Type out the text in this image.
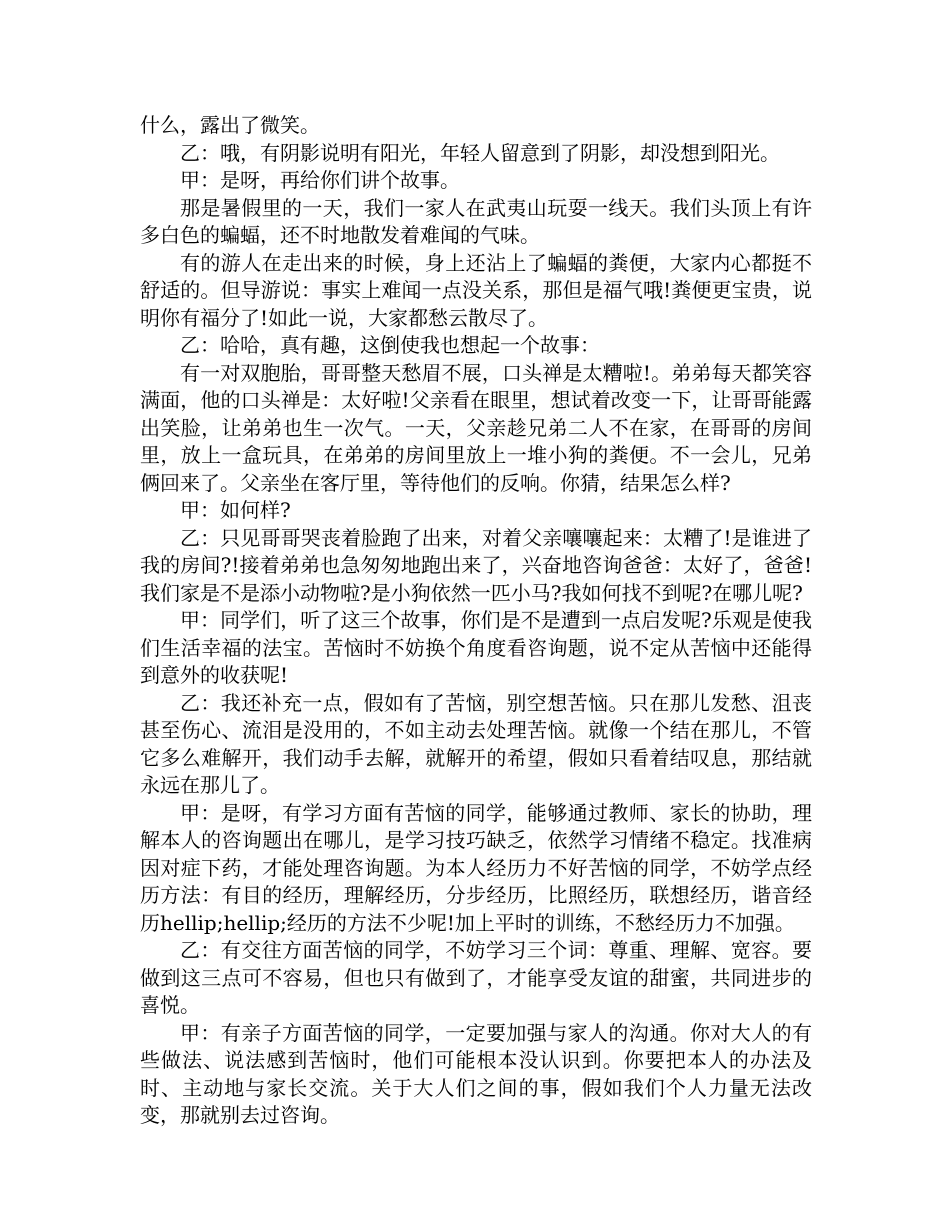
什么，露出了微笑。

乙：哦，有阴影说明有阳光，年轻人留意到了阴影，却没想到阳光。

甲：是呀，再给你们讲个故事。

那是暑假里的一天，我们一家人在武夷山玩耍一线天。我们头顶上有许多白色的蝙蝠，还不时地散发着难闻的气味。

有的游人在走出来的时候，身上还沾上了蝙蝠的粪便，大家内心都挺不舒适的。但导游说：事实上难闻一点没关系，那但是福气哦!粪便更宝贵，说明你有福分了!如此一说，大家都愁云散尽了。

乙：哈哈，真有趣，这倒使我也想起一个故事：

有一对双胞胎，哥哥整天愁眉不展，口头禅是太糟啦!。弟弟每天都笑容满面，他的口头禅是：太好啦!父亲看在眼里，想试着改变一下，让哥哥能露出笑脸，让弟弟也生一次气。一天，父亲趁兄弟二人不在家，在哥哥的房间里，放上一盒玩具，在弟弟的房间里放上一堆小狗的粪便。不一会儿，兄弟俩回来了。父亲坐在客厅里，等待他们的反响。你猜，结果怎么样?

甲：如何样?

乙：只见哥哥哭丧着脸跑了出来，对着父亲嚷嚷起来：太糟了!是谁进了我的房间?!接着弟弟也急匆匆地跑出来了，兴奋地咨询爸爸：太好了，爸爸!我们家是不是添小动物啦?是小狗依然一匹小马?我如何找不到呢?在哪儿呢?

甲：同学们，听了这三个故事，你们是不是遭到一点启发呢?乐观是使我们生活幸福的法宝。苦恼时不妨换个角度看咨询题，说不定从苦恼中还能得到意外的收获呢!

乙：我还补充一点，假如有了苦恼，别空想苦恼。只在那儿发愁、沮丧甚至伤心、流泪是没用的，不如主动去处理苦恼。就像一个结在那儿，不管它多么难解开，我们动手去解，就解开的希望，假如只看着结叹息，那结就永远在那儿了。

甲：是呀，有学习方面有苦恼的同学，能够通过教师、家长的协助，理解本人的咨询题出在哪儿，是学习技巧缺乏，依然学习情绪不稳定。找准病因对症下药，才能处理咨询题。为本人经历力不好苦恼的同学，不妨学点经历方法：有目的经历，理解经历，分步经历，比照经历，联想经历，谐音经历hellip;hellip;经历的方法不少呢!加上平时的训练，不愁经历力不加强。

乙：有交往方面苦恼的同学，不妨学习三个词：尊重、理解、宽容。要做到这三点可不容易，但也只有做到了，才能享受友谊的甜蜜，共同进步的喜悦。

甲：有亲子方面苦恼的同学，一定要加强与家人的沟通。你对大人的有些做法、说法感到苦恼时，他们可能根本没认识到。你要把本人的办法及时、主动地与家长交流。关于大人们之间的事，假如我们个人力量无法改变，那就别去过咨询。
